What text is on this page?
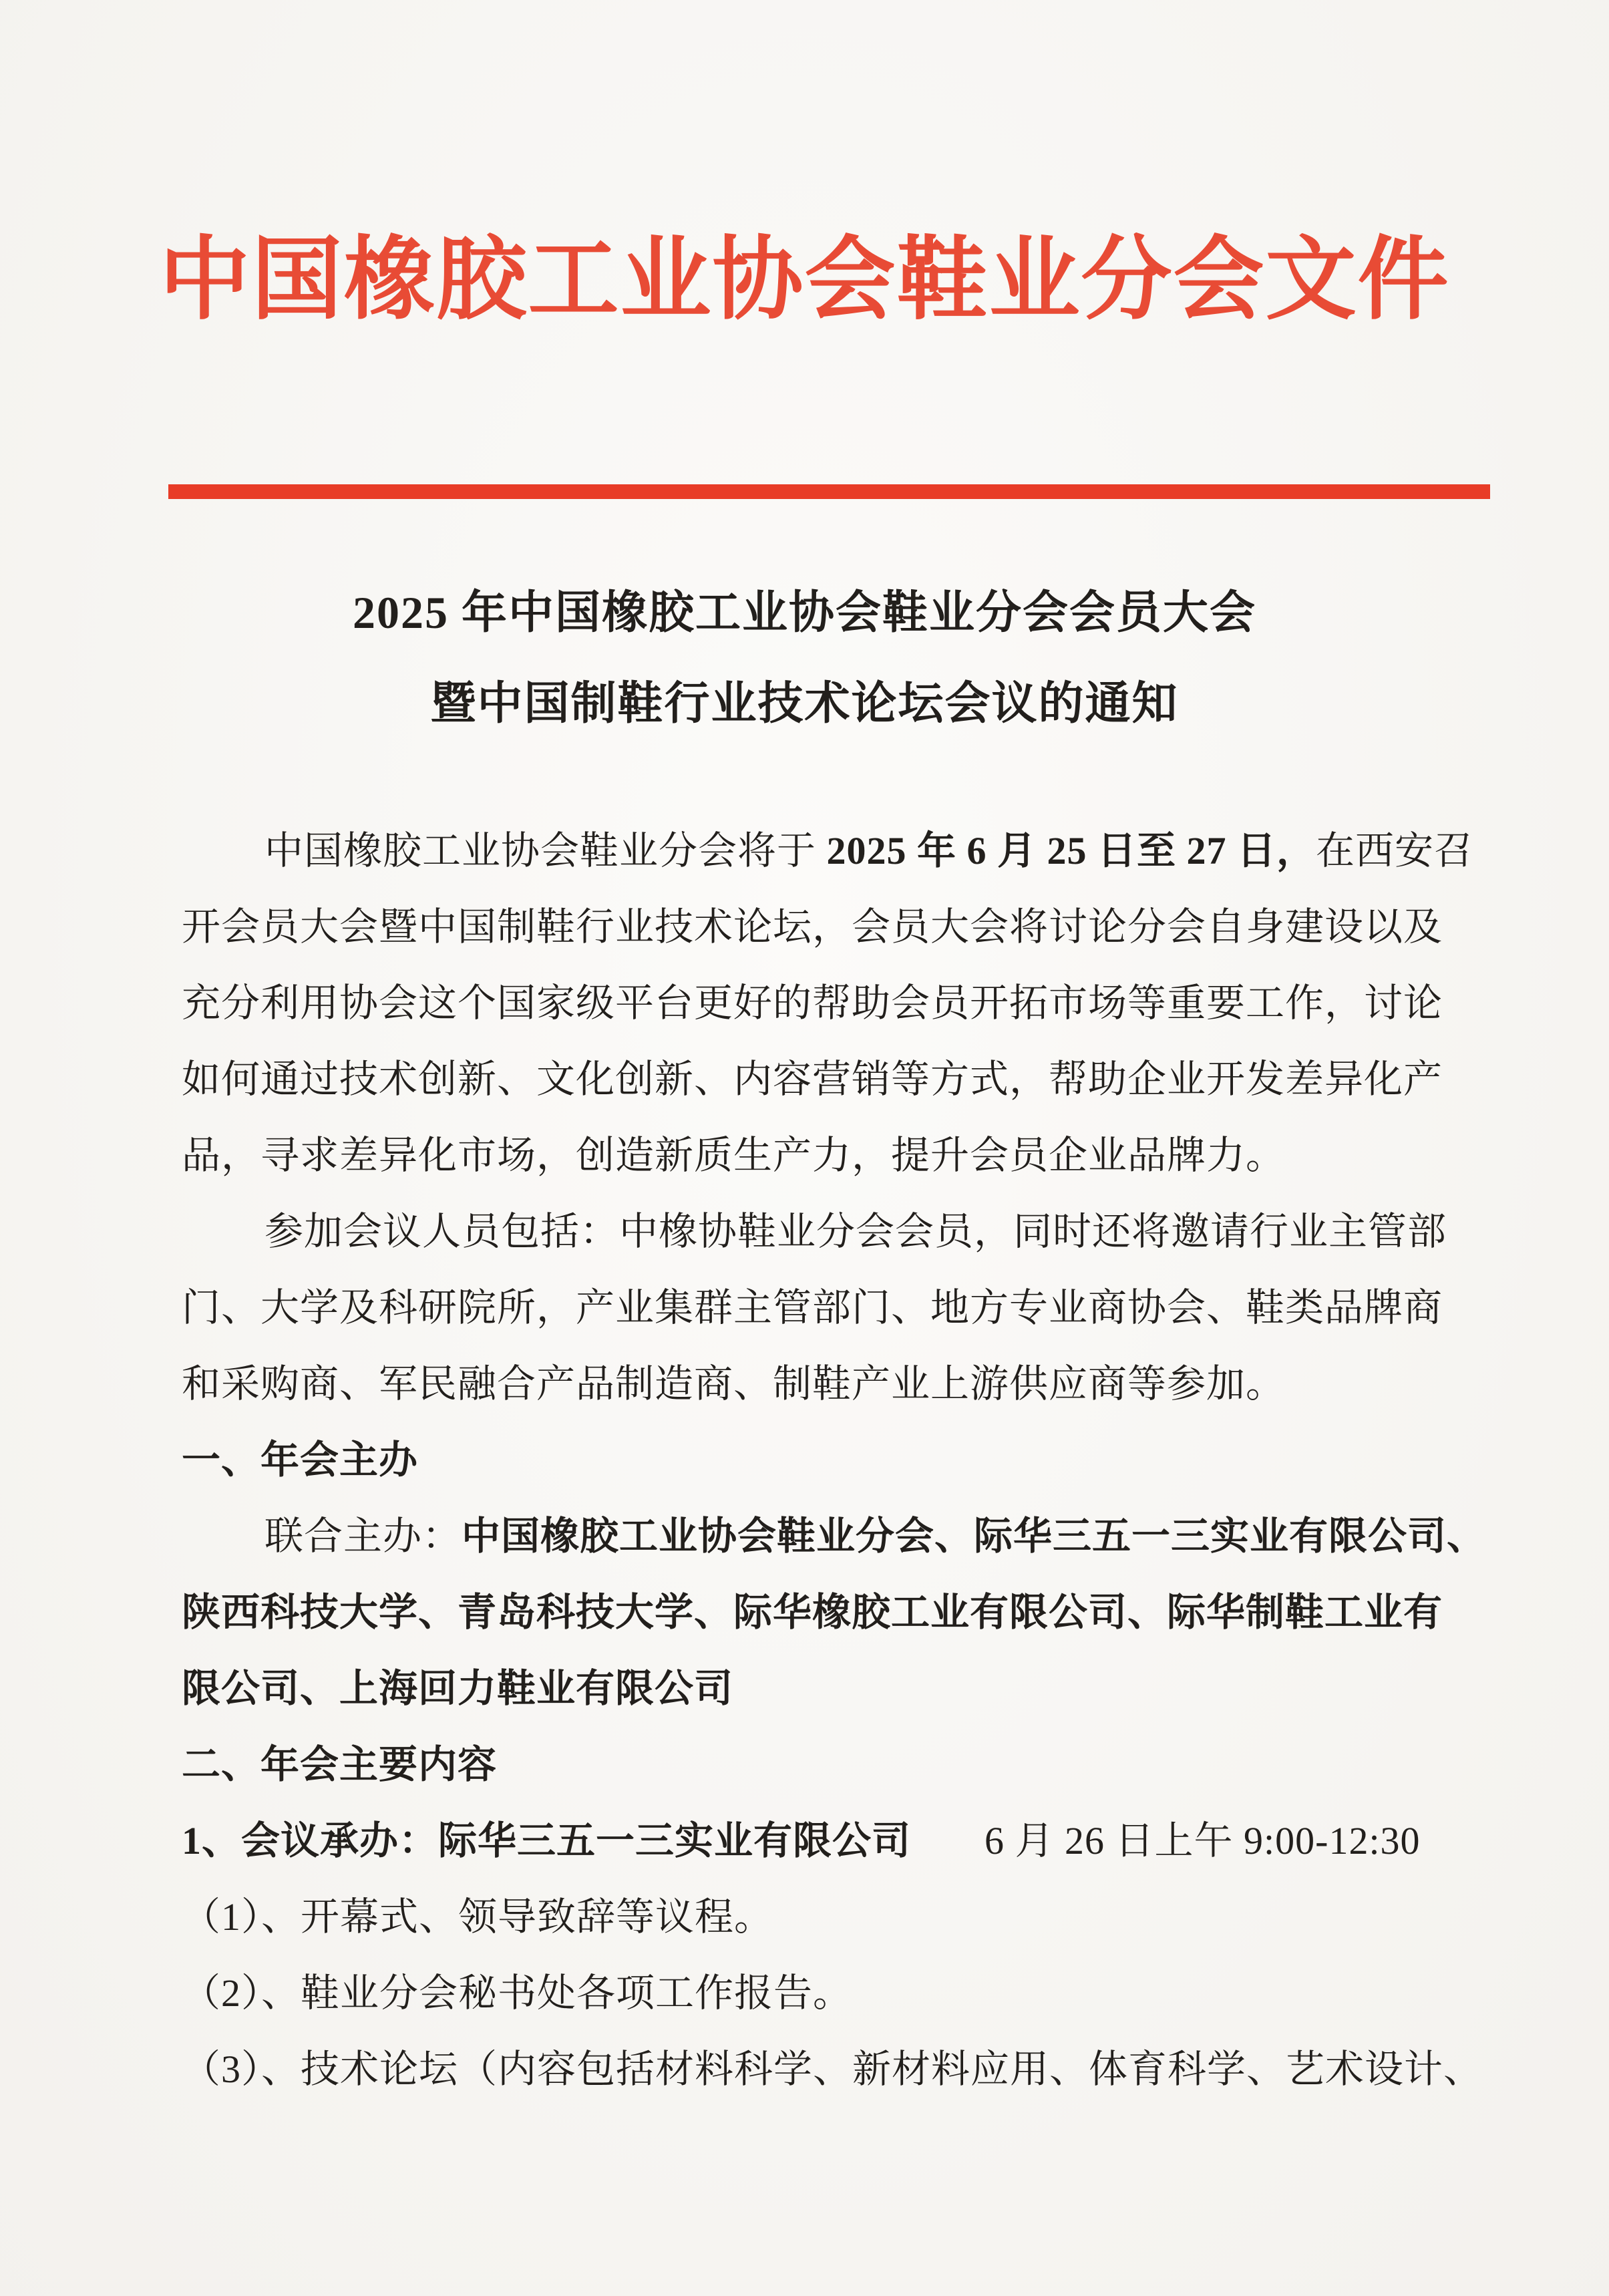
中国橡胶工业协会鞋业分会文件
2025 年中国橡胶工业协会鞋业分会会员大会
暨中国制鞋行业技术论坛会议的通知
中国橡胶工业协会鞋业分会将于 2025 年 6 月 25 日至 27 日，在西安召
开会员大会暨中国制鞋行业技术论坛，会员大会将讨论分会自身建设以及
充分利用协会这个国家级平台更好的帮助会员开拓市场等重要工作，讨论
如何通过技术创新、文化创新、内容营销等方式，帮助企业开发差异化产
品，寻求差异化市场，创造新质生产力，提升会员企业品牌力。
参加会议人员包括：中橡协鞋业分会会员，同时还将邀请行业主管部
门、大学及科研院所，产业集群主管部门、地方专业商协会、鞋类品牌商
和采购商、军民融合产品制造商、制鞋产业上游供应商等参加。
一、年会主办
联合主办：中国橡胶工业协会鞋业分会、际华三五一三实业有限公司、
陕西科技大学、青岛科技大学、际华橡胶工业有限公司、际华制鞋工业有
限公司、上海回力鞋业有限公司
二、年会主要内容
1、会议承办：际华三五一三实业有限公司 6 月 26 日上午 9:00-12:30
（1）、开幕式、领导致辞等议程。
（2）、鞋业分会秘书处各项工作报告。
（3）、技术论坛（内容包括材料科学、新材料应用、体育科学、艺术设计、
